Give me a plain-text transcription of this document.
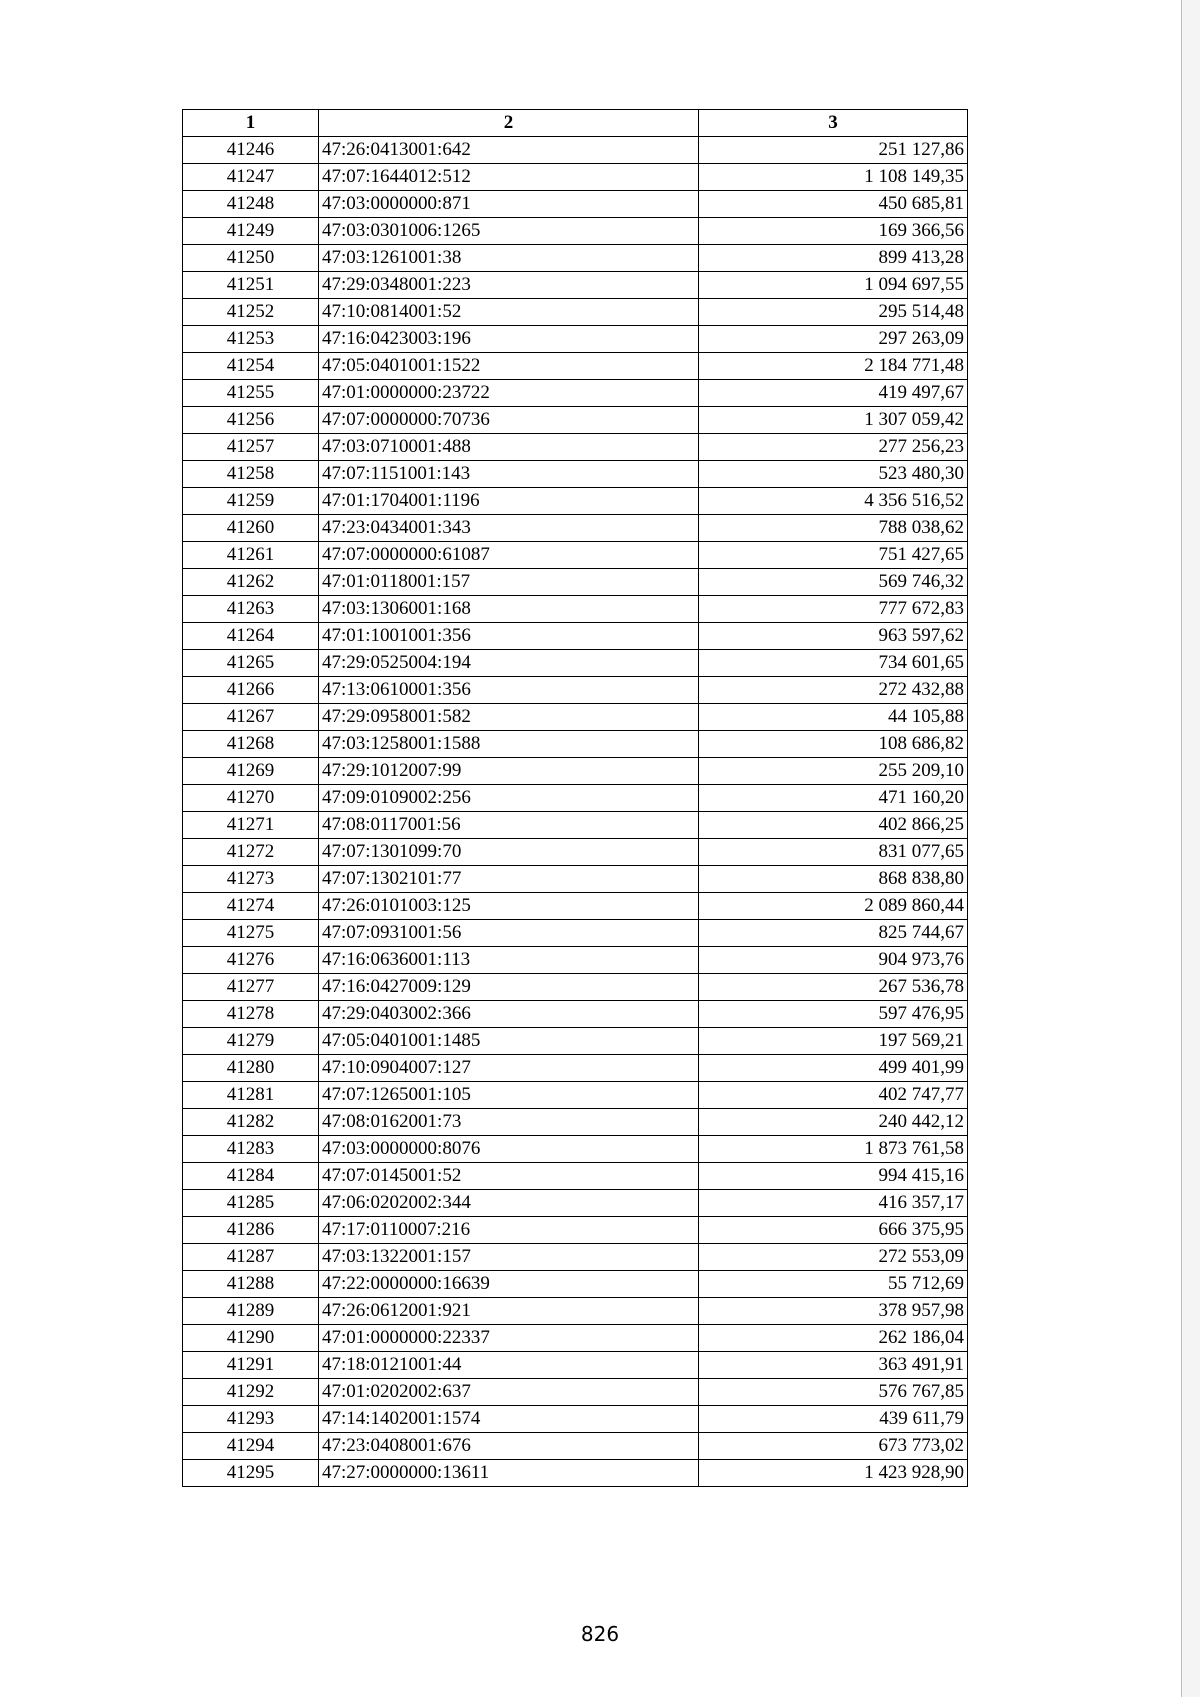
1	2	3
41246	47:26:0413001:642	251 127,86
41247	47:07:1644012:512	1 108 149,35
41248	47:03:0000000:871	450 685,81
41249	47:03:0301006:1265	169 366,56
41250	47:03:1261001:38	899 413,28
41251	47:29:0348001:223	1 094 697,55
41252	47:10:0814001:52	295 514,48
41253	47:16:0423003:196	297 263,09
41254	47:05:0401001:1522	2 184 771,48
41255	47:01:0000000:23722	419 497,67
41256	47:07:0000000:70736	1 307 059,42
41257	47:03:0710001:488	277 256,23
41258	47:07:1151001:143	523 480,30
41259	47:01:1704001:1196	4 356 516,52
41260	47:23:0434001:343	788 038,62
41261	47:07:0000000:61087	751 427,65
41262	47:01:0118001:157	569 746,32
41263	47:03:1306001:168	777 672,83
41264	47:01:1001001:356	963 597,62
41265	47:29:0525004:194	734 601,65
41266	47:13:0610001:356	272 432,88
41267	47:29:0958001:582	44 105,88
41268	47:03:1258001:1588	108 686,82
41269	47:29:1012007:99	255 209,10
41270	47:09:0109002:256	471 160,20
41271	47:08:0117001:56	402 866,25
41272	47:07:1301099:70	831 077,65
41273	47:07:1302101:77	868 838,80
41274	47:26:0101003:125	2 089 860,44
41275	47:07:0931001:56	825 744,67
41276	47:16:0636001:113	904 973,76
41277	47:16:0427009:129	267 536,78
41278	47:29:0403002:366	597 476,95
41279	47:05:0401001:1485	197 569,21
41280	47:10:0904007:127	499 401,99
41281	47:07:1265001:105	402 747,77
41282	47:08:0162001:73	240 442,12
41283	47:03:0000000:8076	1 873 761,58
41284	47:07:0145001:52	994 415,16
41285	47:06:0202002:344	416 357,17
41286	47:17:0110007:216	666 375,95
41287	47:03:1322001:157	272 553,09
41288	47:22:0000000:16639	55 712,69
41289	47:26:0612001:921	378 957,98
41290	47:01:0000000:22337	262 186,04
41291	47:18:0121001:44	363 491,91
41292	47:01:0202002:637	576 767,85
41293	47:14:1402001:1574	439 611,79
41294	47:23:0408001:676	673 773,02
41295	47:27:0000000:13611	1 423 928,90
826
